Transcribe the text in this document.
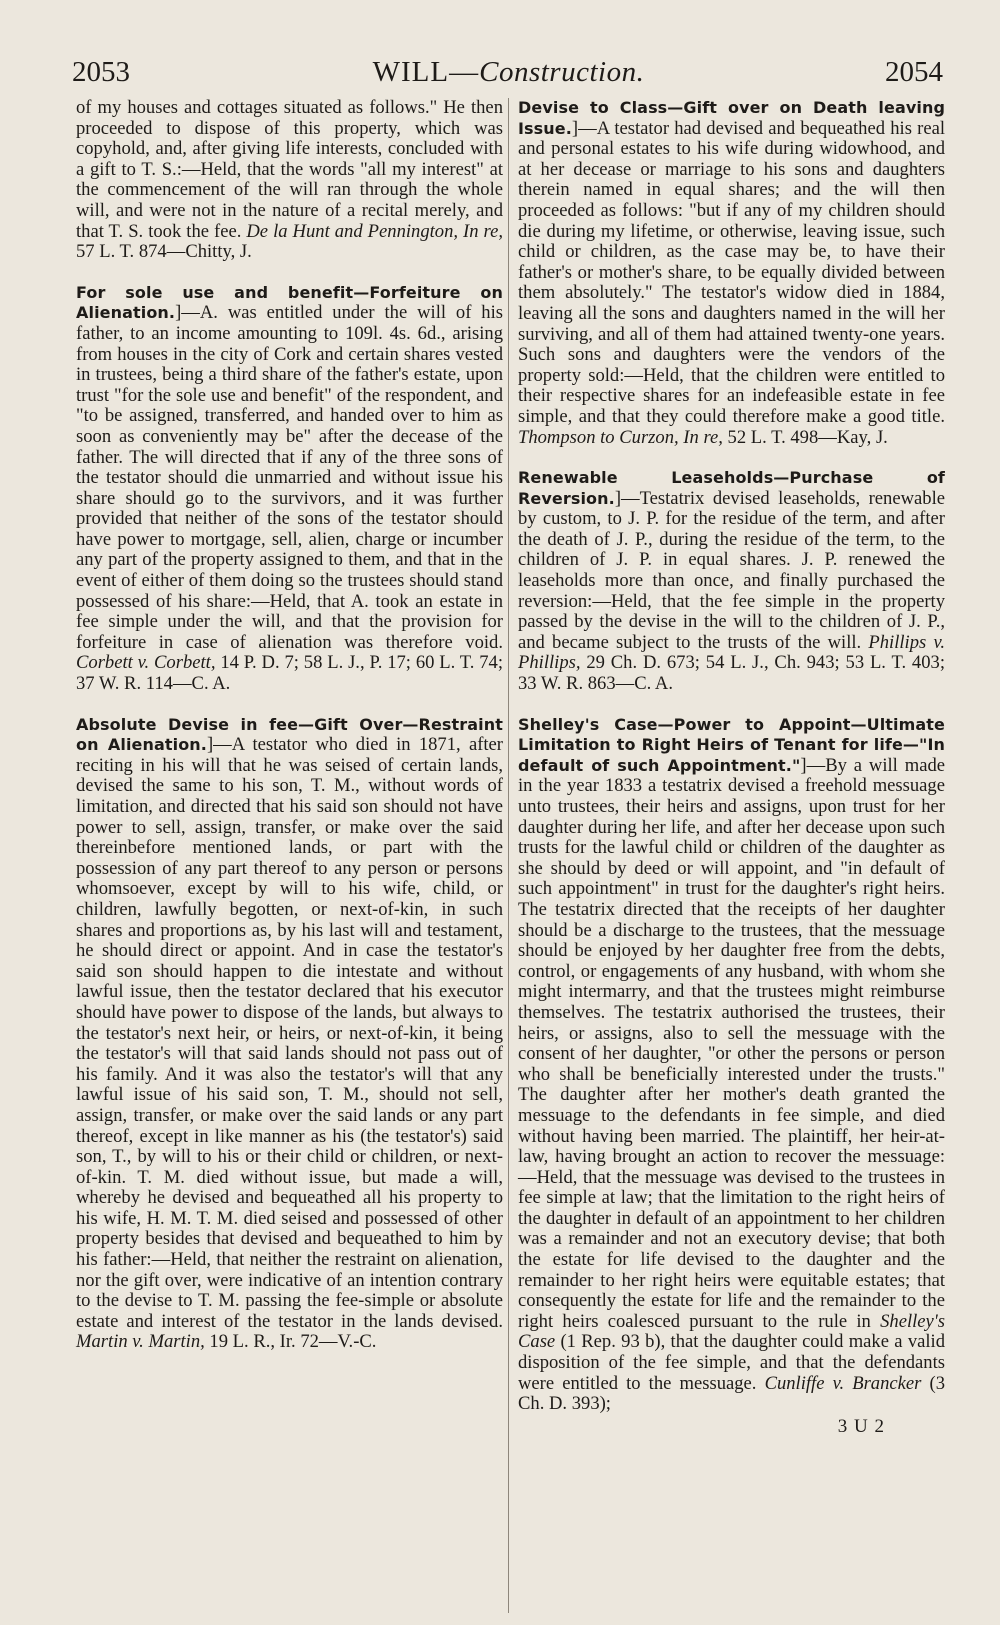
2053	WILL—Construction.	2054

of my houses and cottages situated as follows." He then proceeded to dispose of this property, which was copyhold, and, after giving life interests, concluded with a gift to T. S.:—Held, that the words "all my interest" at the commencement of the will ran through the whole will, and were not in the nature of a recital merely, and that T. S. took the fee. De la Hunt and Pennington, In re, 57 L. T. 874—Chitty, J.

For sole use and benefit—Forfeiture on Alienation.]—A. was entitled under the will of his father, to an income amounting to 109l. 4s. 6d., arising from houses in the city of Cork and certain shares vested in trustees, being a third share of the father's estate, upon trust "for the sole use and benefit" of the respondent, and "to be assigned, transferred, and handed over to him as soon as conveniently may be" after the decease of the father. The will directed that if any of the three sons of the testator should die unmarried and without issue his share should go to the survivors, and it was further provided that neither of the sons of the testator should have power to mortgage, sell, alien, charge or incumber any part of the property assigned to them, and that in the event of either of them doing so the trustees should stand possessed of his share:—Held, that A. took an estate in fee simple under the will, and that the provision for forfeiture in case of alienation was therefore void. Corbett v. Corbett, 14 P. D. 7; 58 L. J., P. 17; 60 L. T. 74; 37 W. R. 114—C. A.

Absolute Devise in fee—Gift Over—Restraint on Alienation.]—A testator who died in 1871, after reciting in his will that he was seised of certain lands, devised the same to his son, T. M., without words of limitation, and directed that his said son should not have power to sell, assign, transfer, or make over the said thereinbefore mentioned lands, or part with the possession of any part thereof to any person or persons whomsoever, except by will to his wife, child, or children, lawfully begotten, or next-of-kin, in such shares and proportions as, by his last will and testament, he should direct or appoint. And in case the testator's said son should happen to die intestate and without lawful issue, then the testator declared that his executor should have power to dispose of the lands, but always to the testator's next heir, or heirs, or next-of-kin, it being the testator's will that said lands should not pass out of his family. And it was also the testator's will that any lawful issue of his said son, T. M., should not sell, assign, transfer, or make over the said lands or any part thereof, except in like manner as his (the testator's) said son, T., by will to his or their child or children, or next-of-kin. T. M. died without issue, but made a will, whereby he devised and bequeathed all his property to his wife, H. M. T. M. died seised and possessed of other property besides that devised and bequeathed to him by his father:—Held, that neither the restraint on alienation, nor the gift over, were indicative of an intention contrary to the devise to T. M. passing the fee-simple or absolute estate and interest of the testator in the lands devised. Martin v. Martin, 19 L. R., Ir. 72—V.-C.

Devise to Class—Gift over on Death leaving Issue.]—A testator had devised and bequeathed his real and personal estates to his wife during widowhood, and at her decease or marriage to his sons and daughters therein named in equal shares; and the will then proceeded as follows: "but if any of my children should die during my lifetime, or otherwise, leaving issue, such child or children, as the case may be, to have their father's or mother's share, to be equally divided between them absolutely." The testator's widow died in 1884, leaving all the sons and daughters named in the will her surviving, and all of them had attained twenty-one years. Such sons and daughters were the vendors of the property sold:—Held, that the children were entitled to their respective shares for an indefeasible estate in fee simple, and that they could therefore make a good title. Thompson to Curzon, In re, 52 L. T. 498—Kay, J.

Renewable Leaseholds—Purchase of Reversion.]—Testatrix devised leaseholds, renewable by custom, to J. P. for the residue of the term, and after the death of J. P., during the residue of the term, to the children of J. P. in equal shares. J. P. renewed the leaseholds more than once, and finally purchased the reversion:—Held, that the fee simple in the property passed by the devise in the will to the children of J. P., and became subject to the trusts of the will. Phillips v. Phillips, 29 Ch. D. 673; 54 L. J., Ch. 943; 53 L. T. 403; 33 W. R. 863—C. A.

Shelley's Case—Power to Appoint—Ultimate Limitation to Right Heirs of Tenant for life—"In default of such Appointment."]—By a will made in the year 1833 a testatrix devised a freehold messuage unto trustees, their heirs and assigns, upon trust for her daughter during her life, and after her decease upon such trusts for the lawful child or children of the daughter as she should by deed or will appoint, and "in default of such appointment" in trust for the daughter's right heirs. The testatrix directed that the receipts of her daughter should be a discharge to the trustees, that the messuage should be enjoyed by her daughter free from the debts, control, or engagements of any husband, with whom she might intermarry, and that the trustees might reimburse themselves. The testatrix authorised the trustees, their heirs, or assigns, also to sell the messuage with the consent of her daughter, "or other the persons or person who shall be beneficially interested under the trusts." The daughter after her mother's death granted the messuage to the defendants in fee simple, and died without having been married. The plaintiff, her heir-at-law, having brought an action to recover the messuage:—Held, that the messuage was devised to the trustees in fee simple at law; that the limitation to the right heirs of the daughter in default of an appointment to her children was a remainder and not an executory devise; that both the estate for life devised to the daughter and the remainder to her right heirs were equitable estates; that consequently the estate for life and the remainder to the right heirs coalesced pursuant to the rule in Shelley's Case (1 Rep. 93 b), that the daughter could make a valid disposition of the fee simple, and that the defendants were entitled to the messuage. Cunliffe v. Brancker (3 Ch. D. 393);

3 U 2
